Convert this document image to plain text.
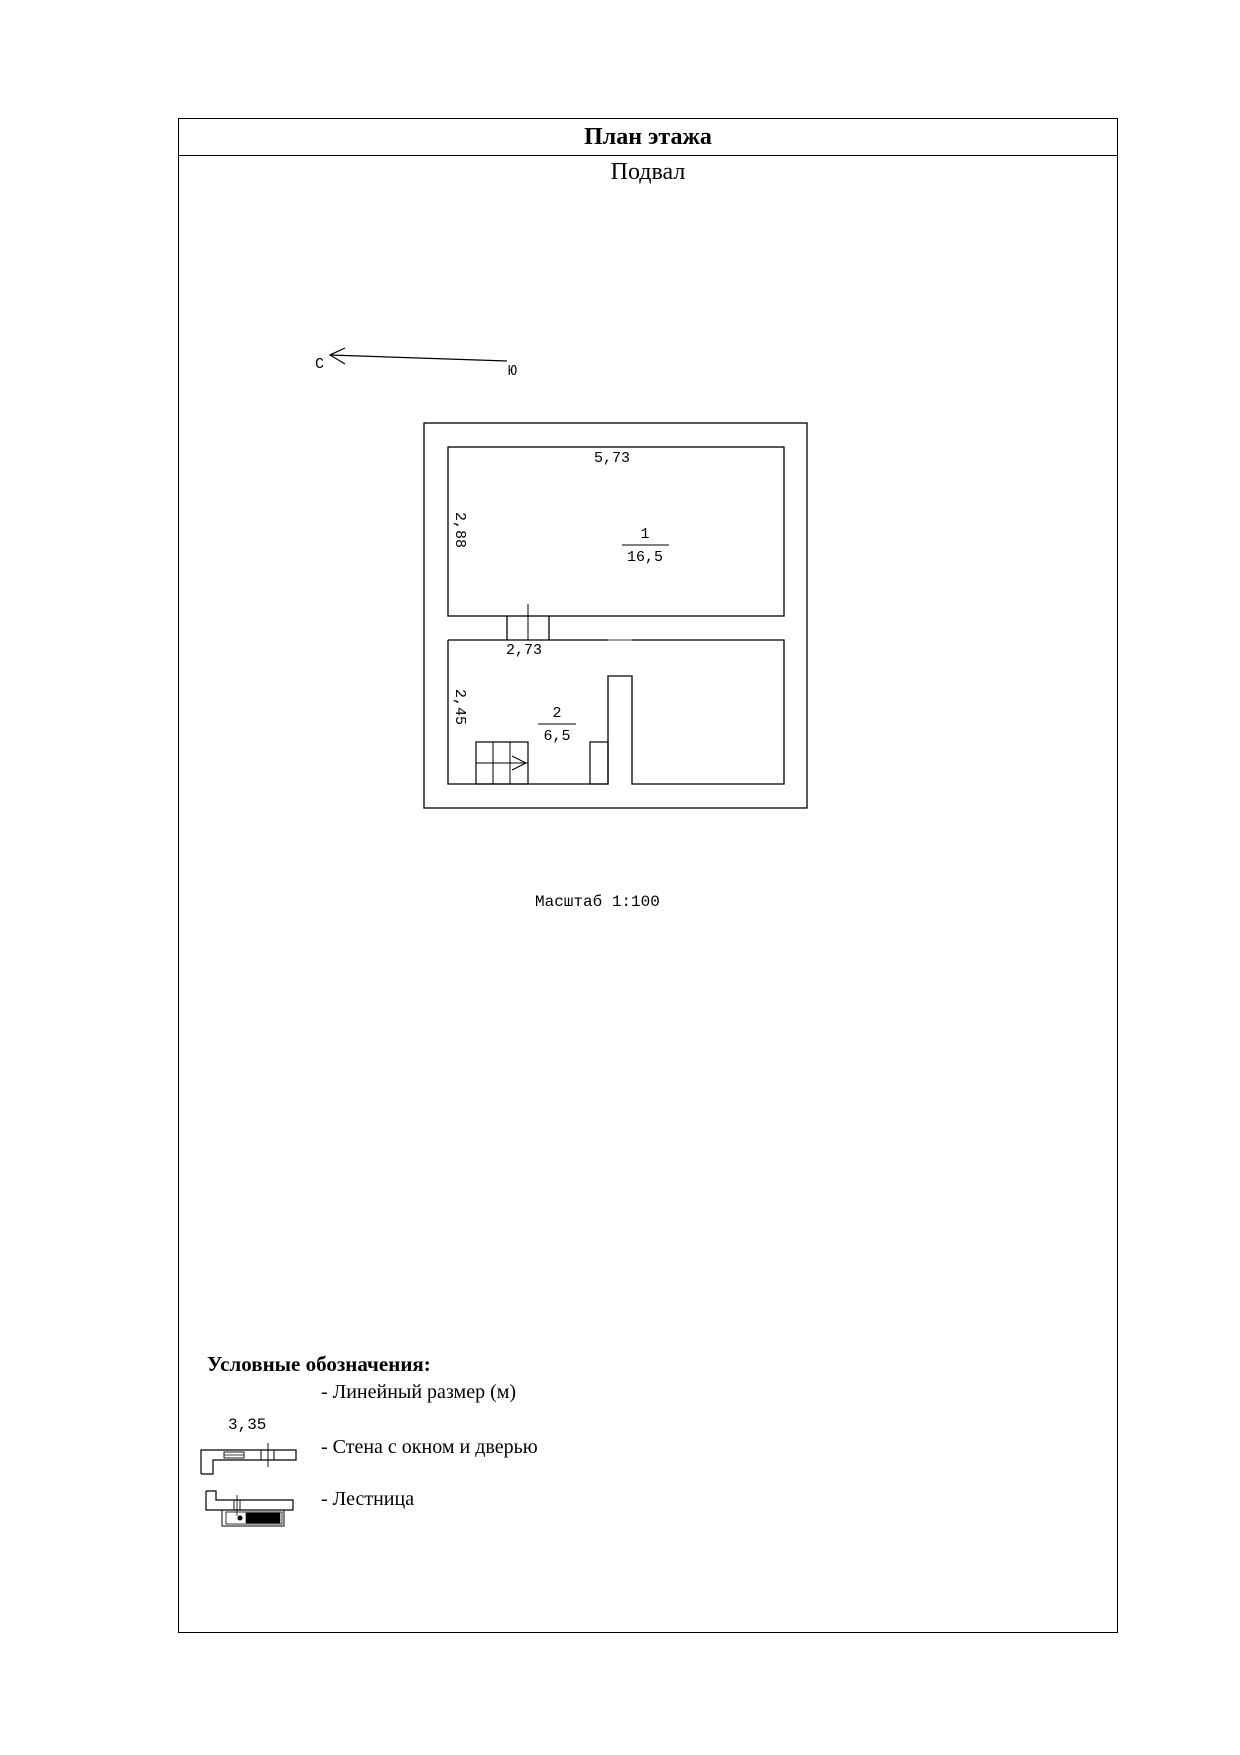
План этажа
Подвал
С	Ю
5,73
2,88	1
16,5
2,73
2,45	2
6,5
Масштаб 1:100
Условные обозначения:
3,35
- Линейный размер (м)
- Стена с окном и дверью
- Лестница
